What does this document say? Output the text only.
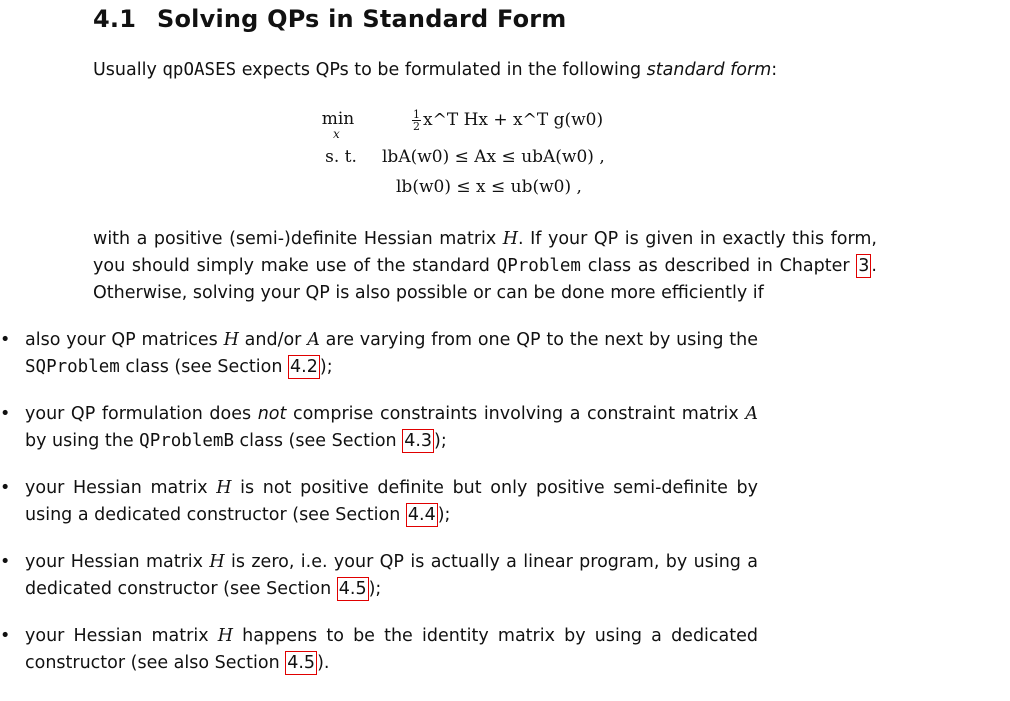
4.1 Solving QPs in Standard Form
Usually qpOASES expects QPs to be formulated in the following standard form:
min
x
$\frac{1}{2}$ x^T Hx + x^T g(w0)
s. t.	lbA(w0) ≤ Ax ≤ ubA(w0) ,
lb(w0) ≤ x ≤ ub(w0) ,
with a positive (semi-)definite Hessian matrix H. If your QP is given in exactly this form, you should simply make use of the standard QProblem class as described in Chapter 3 . Otherwise, solving your QP is also possible or can be done more efficiently if
• also your QP matrices H and/or A are varying from one QP to the next by using the SQProblem class (see Section 4.2 );
• your QP formulation does not comprise constraints involving a constraint matrix A by using the QProblemB class (see Section 4.3 );
• your Hessian matrix H is not positive definite but only positive semi-definite by using a dedicated constructor (see Section 4.4 );
• your Hessian matrix H is zero, i.e. your QP is actually a linear program, by using a dedicated constructor (see Section 4.5 );
• your Hessian matrix H happens to be the identity matrix by using a dedicated constructor (see also Section 4.5 ).
